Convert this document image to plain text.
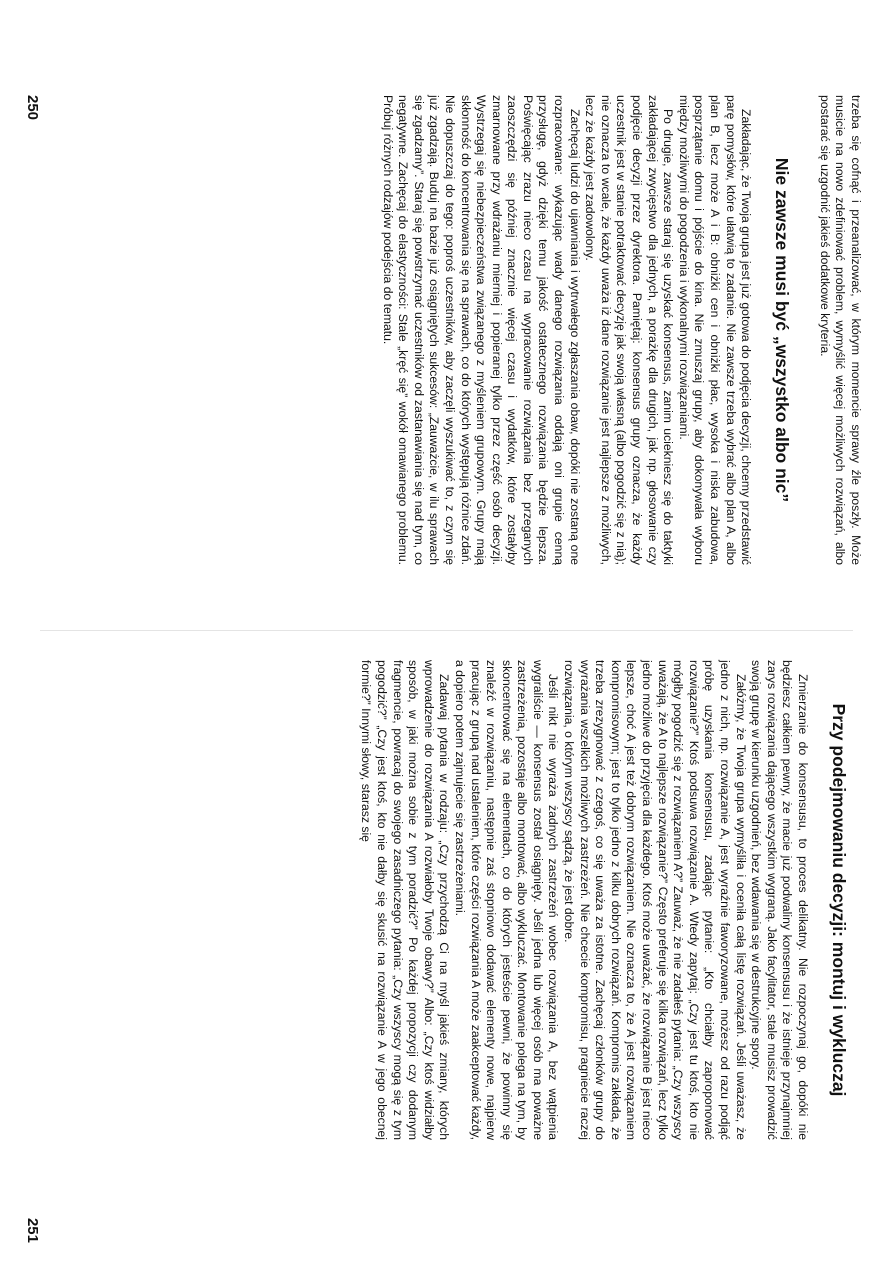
trzeba się cofnąć i przeanalizować, w którym momencie sprawy źle poszły. Może musicie na nowo zdefiniować problem, wymyślić więcej możliwych rozwiązań, albo postarać się uzgodnić jakieś dodatkowe kryteria.

Nie zawsze musi być „wszystko albo nic”

Zakładając, że Twoja grupa jest już gotowa do podjęcia decyzji, chcemy przedstawić parę pomysłów, które ułatwią to zadanie. Nie zawsze trzeba wybrać albo plan A, albo plan B, lecz może A i B: obniżki cen i obniżki płac, wysoka i niska zabudowa, posprzątanie domu i pójście do kina. Nie zmuszaj grupy, aby dokonywała wyboru między możliwymi do pogodzenia i wykonalnymi rozwiązaniami.

Po drugie, zawsze staraj się uzyskać konsensus, zanim uciekniesz się do taktyki zakładającej zwycięstwo dla jednych, a porażkę dla drugich, jak np. głosowanie czy podjęcie decyzji przez dyrektora. Pamiętaj: konsensus grupy oznacza, że każdy uczestnik jest w stanie potraktować decyzję jak swoją własną (albo pogodzić się z nią); nie oznacza to wcale, że każdy uważa iż dane rozwiązanie jest najlepsze z możliwych, lecz że każdy jest zadowolony.

Zachęcaj ludzi do ujawniania i wytrwałego zgłaszania obaw, dopóki nie zostaną one rozpracowane: wykazując wady danego rozwiązania oddają oni grupie cenną przysługę, gdyż dzięki temu jakość ostatecznego rozwiązania będzie lepsza. Poświęcając zrazu nieco czasu na wypracowanie rozwiązania bez przeganych zaoszczędzi się później znacznie więcej czasu i wydatków, które zostałyby zmarnowane przy wdrażaniu mierniej i popieranej tylko przez część osób decyzji. Wystrzegaj się niebezpieczeństwa związanego z myśleniem grupowym. Grupy mają skłonność do koncentrowania się na sprawach, co do których występują różnice zdań. Nie dopuszczaj do tego: poproś uczestników, aby zaczęli wyszukiwać to, z czym się już zgadzają. Buduj na bazie już osiągniętych sukcesów: „Zauważcie, w ilu sprawach się zgadzamy”. Staraj się powstrzymać uczestników od zastanawiania się nad tym, co negatywne. Zachęcaj do elastyczności: Stale „kręć się” wokół omawianego problemu. Próbuj różnych rodzajów podejścia do tematu.

250
Przy podejmowaniu decyzji: montuj i wykluczaj

Zmierzanie do konsensusu, to proces delikatny. Nie rozpoczynaj go, dopóki nie będziesz całkiem pewny, że macie już podwaliny konsensusu i że istnieje przynajmniej zarys rozwiązania dającego wszystkim wygraną. Jako facylitator, stale musisz prowadzić swoją grupę w kierunku uzgodnień, bez wdawania się w destrukcyjne spory.

Załóżmy, że Twoja grupa wymyśliła i oceniła całą listę rozwiązań. Jeśli uważasz, że jedno z nich, np. rozwiązanie A, jest wyraźnie faworyzowane, możesz od razu podjąć próbę uzyskania konsensusu, zadając pytanie: „Kto chciałby zaproponować rozwiązanie?” Ktoś podsuwa rozwiązanie A. Wtedy zapytaj: „Czy jest tu ktoś, kto nie mógłby pogodzić się z rozwiązaniem A?” Zauważ, że nie zadałeś pytania: „Czy wszyscy uważają, że A to najlepsze rozwiązanie?” Często preferuje się kilka rozwiązań, lecz tylko jedno możliwe do przyjęcia dla każdego. Ktoś może uważać, że rozwiązanie B jest nieco lepsze, choć A jest też dobrym rozwiązaniem. Nie oznacza to, że A jest rozwiązaniem kompromisowym; jest to tylko jedno z kilku dobrych rozwiązań. Kompromis zakłada, że trzeba zrezygnować z czegoś, co się uważa za istotne. Zachęcaj członków grupy do wyrażania wszelkich możliwych zastrzeżeń. Nie chcecie kompromisu, pragniecie raczej rozwiązania, o którym wszyscy sądzą, że jest dobre.

Jeśli nikt nie wyraża żadnych zastrzeżeń wobec rozwiązania A, bez wątpienia wygraliście — konsensus został osiągnięty. Jeśli jedna lub więcej osób ma poważne zastrzeżenia, pozostaje albo montować, albo wykluczać. Montowanie polega na tym, by skoncentrować się na elementach, co do których jesteście pewni, że powinny się znaleźć w rozwiązaniu, następnie zaś stopniowo dodawać elementy nowe, najpierw pracując z grupą nad ustaleniem, które części rozwiązania A może zaakceptować każdy, a dopiero potem zajmujecie się zastrzeżeniami.

Zadawaj pytania w rodzaju: „Czy przychodzą Ci na myśl jakieś zmiany, których wprowadzenie do rozwiązania A rozwiałoby Twoje obawy?” Albo: „Czy ktoś widziałby sposób, w jaki można sobie z tym poradzić?” Po każdej propozycji czy dodanym fragmencie, powracaj do swojego zasadniczego pytania: „Czy wszyscy mogą się z tym pogodzić?” „Czy jest ktoś, kto nie dałby się skusić na rozwiązanie A w jego obecnej formie?” Innymi słowy, starasz się

251
